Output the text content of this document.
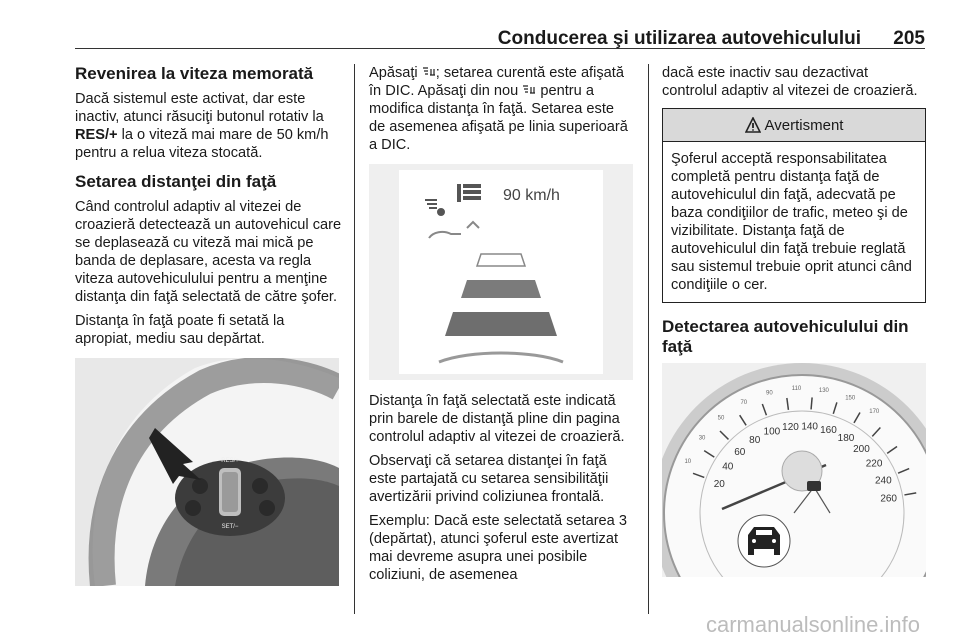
Conducerea şi utilizarea autovehiculului 205
Revenirea la viteza memorată

Dacă sistemul este activat, dar este inactiv, atunci răsuciţi butonul rotativ la RES/+ la o viteză mai mare de 50 km/h pentru a relua viteza stocată.

Setarea distanţei din faţă

Când controlul adaptiv al vitezei de croazieră detectează un autovehicul care se deplasează cu viteză mai mică pe banda de deplasare, acesta va regla viteza autovehiculului pentru a menţine distanţa din faţă selectată de către şofer.

Distanţa în faţă poate fi setată la apropiat, mediu sau depărtat.

RES/+
SET/−

Apăsaţi ; setarea curentă este afişată în DIC. Apăsaţi din nou  pentru a modifica distanţa în faţă. Setarea este de asemenea afişată pe linia superioară a DIC.

90 km/h

Distanţa în faţă selectată este indicată prin barele de distanţă pline din pagina controlul adaptiv al vitezei de croazieră.

Observaţi că setarea distanţei în faţă este partajată cu setarea sensibilităţii avertizării privind coliziunea frontală.

Exemplu: Dacă este selectată setarea 3 (depărtat), atunci şoferul este avertizat mai devreme asupra unei posibile coliziuni, de asemenea

dacă este inactiv sau dezactivat controlul adaptiv al vitezei de croazieră.

Avertisment

Şoferul acceptă responsabilitatea completă pentru distanţa faţă de autovehiculul din faţă, adecvată pe baza condiţiilor de trafic, meteo şi de vizibilitate. Distanţa faţă de autovehiculul din faţă trebuie reglată sau sistemul trebuie oprit atunci când condiţiile o cer.

Detectarea autovehiculului din faţă
20
40
60
80
100 120 140 160
180
200
220
240
260
10
30
50
70
90
110	130
150
170
carmanualsonline.info
